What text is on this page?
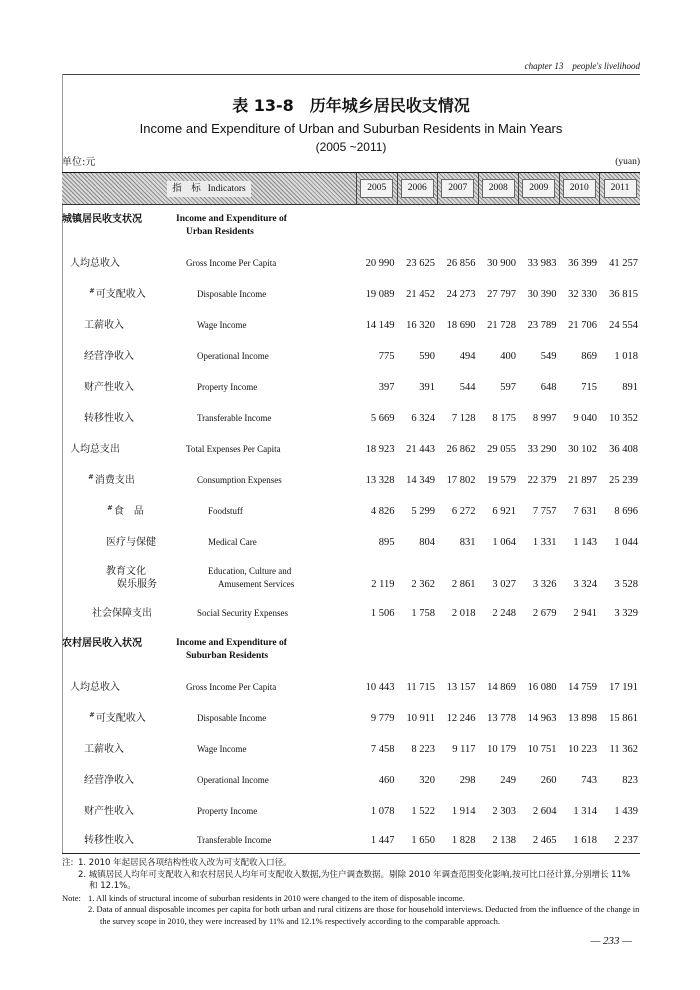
chapter 13 people's livelihood
表 13-8　历年城乡居民收支情况
Income and Expenditure of Urban and Suburban Residents in Main Years
(2005 ~2011)
单位:元	(yuan)
指　标 Indicators	2005	2006	2007	2008	2009	2010	2011
城镇居民收支状况	Income and Expenditure of
Urban Residents
人均总收入	Gross Income Per Capita	20 990	23 625	26 856	30 900	33 983	36 399	41 257
#可支配收入	Disposable Income	19 089	21 452	24 273	27 797	30 390	32 330	36 815
工薪收入	Wage Income	14 149	16 320	18 690	21 728	23 789	21 706	24 554
经营净收入	Operational Income	775	590	494	400	549	869	1 018
财产性收入	Property Income	397	391	544	597	648	715	891
转移性收入	Transferable Income	5 669	6 324	7 128	8 175	8 997	9 040	10 352
人均总支出	Total Expenses Per Capita	18 923	21 443	26 862	29 055	33 290	30 102	36 408
#消费支出	Consumption Expenses	13 328	14 349	17 802	19 579	22 379	21 897	25 239
#食　品	Foodstuff	4 826	5 299	6 272	6 921	7 757	7 631	8 696
医疗与保健	Medical Care	895	804	831	1 064	1 331	1 143	1 044
教育文化
娱乐服务
Education, Culture and
Amusement Services	2 119	2 362	2 861	3 027	3 326	3 324	3 528
社会保障支出	Social Security Expenses	1 506	1 758	2 018	2 248	2 679	2 941	3 329
农村居民收入状况	Income and Expenditure of
Suburban Residents
人均总收入	Gross Income Per Capita	10 443	11 715	13 157	14 869	16 080	14 759	17 191
#可支配收入	Disposable Income	9 779	10 911	12 246	13 778	14 963	13 898	15 861
工薪收入	Wage Income	7 458	8 223	9 117	10 179	10 751	10 223	11 362
经营净收入	Operational Income	460	320	298	249	260	743	823
财产性收入	Property Income	1 078	1 522	1 914	2 303	2 604	1 314	1 439
转移性收入	Transferable Income	1 447	1 650	1 828	2 138	2 465	1 618	2 237
注: 1. 2010 年起居民各项结构性收入改为可支配收入口径。
2. 城镇居民人均年可支配收入和农村居民人均年可支配收入数据,为住户调查数据。剔除 2010 年调查范围变化影响,按可比口径计算,分别增长 11% 和 12.1%。
Note: 1. All kinds of structural income of suburban residents in 2010 were changed to the item of disposable income.
2. Data of annual disposable incomes per capita for both urban and rural citizens are those for household interviews. Deducted from the influence of the change in the survey scope in 2010, they were increased by 11% and 12.1% respectively according to the comparable approach.
— 233 —
